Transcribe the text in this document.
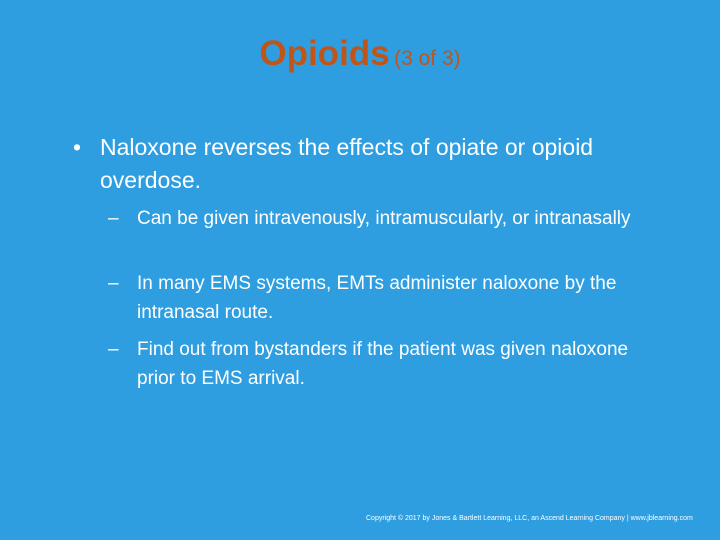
Opioids (3 of 3)
• Naloxone reverses the effects of opiate or opioid overdose.
– Can be given intravenously, intramuscularly, or intranasally
– In many EMS systems, EMTs administer naloxone by the intranasal route.
– Find out from bystanders if the patient was given naloxone prior to EMS arrival.
Copyright © 2017 by Jones & Bartlett Learning, LLC, an Ascend Learning Company | www.jblearning.com
